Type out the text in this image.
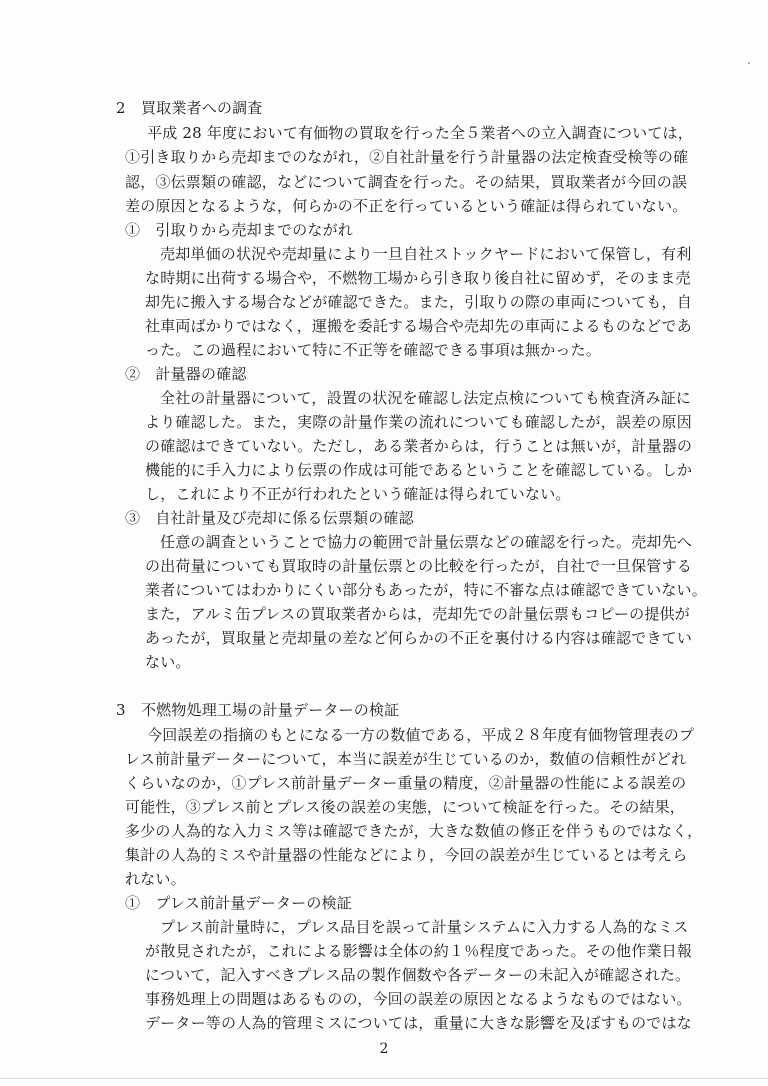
2　買取業者への調査
平成 28 年度において有価物の買取を行った全５業者への立入調査については，
①引き取りから売却までのながれ，②自社計量を行う計量器の法定検査受検等の確
認，③伝票類の確認，などについて調査を行った。その結果，買取業者が今回の誤
差の原因となるような，何らかの不正を行っているという確証は得られていない。
①　引取りから売却までのながれ
売却単価の状況や売却量により一旦自社ストックヤードにおいて保管し，有利
な時期に出荷する場合や，不燃物工場から引き取り後自社に留めず，そのまま売
却先に搬入する場合などが確認できた。また，引取りの際の車両についても，自
社車両ばかりではなく，運搬を委託する場合や売却先の車両によるものなどであ
った。この過程において特に不正等を確認できる事項は無かった。
②　計量器の確認
全社の計量器について，設置の状況を確認し法定点検についても検査済み証に
より確認した。また，実際の計量作業の流れについても確認したが，誤差の原因
の確認はできていない。ただし，ある業者からは，行うことは無いが，計量器の
機能的に手入力により伝票の作成は可能であるということを確認している。しか
し，これにより不正が行われたという確証は得られていない。
③　自社計量及び売却に係る伝票類の確認
任意の調査ということで協力の範囲で計量伝票などの確認を行った。売却先へ
の出荷量についても買取時の計量伝票との比較を行ったが，自社で一旦保管する
業者についてはわかりにくい部分もあったが，特に不審な点は確認できていない。
また，アルミ缶プレスの買取業者からは，売却先での計量伝票もコピーの提供が
あったが，買取量と売却量の差など何らかの不正を裏付ける内容は確認できてい
ない。
3　不燃物処理工場の計量データーの検証
今回誤差の指摘のもとになる一方の数値である，平成２８年度有価物管理表のプ
レス前計量データーについて，本当に誤差が生じているのか，数値の信頼性がどれ
くらいなのか，①プレス前計量データー重量の精度，②計量器の性能による誤差の
可能性，③プレス前とプレス後の誤差の実態，について検証を行った。その結果，
多少の人為的な入力ミス等は確認できたが，大きな数値の修正を伴うものではなく，
集計の人為的ミスや計量器の性能などにより，今回の誤差が生じているとは考えら
れない。
①　プレス前計量データーの検証
プレス前計量時に，プレス品目を誤って計量システムに入力する人為的なミス
が散見されたが，これによる影響は全体の約１％程度であった。その他作業日報
について，記入すべきプレス品の製作個数や各データーの未記入が確認された。
事務処理上の問題はあるものの，今回の誤差の原因となるようなものではない。
データー等の人為的管理ミスについては，重量に大きな影響を及ぼすものではな
2
